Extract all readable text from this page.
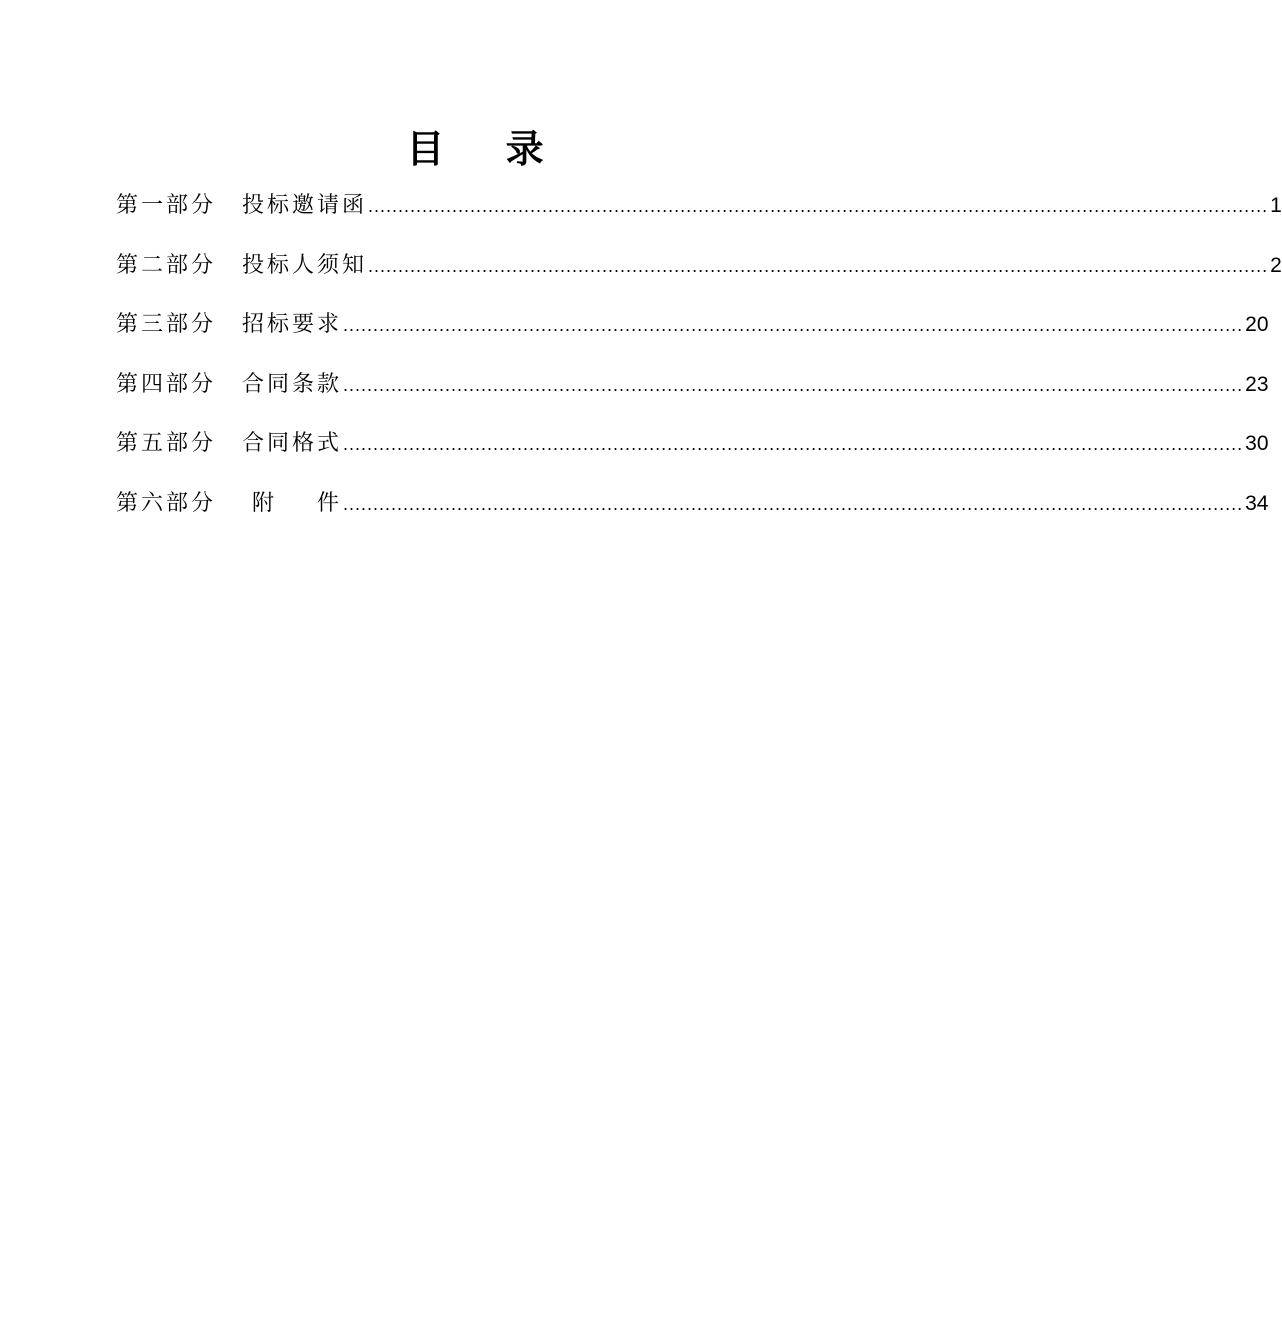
目 录
第一部分	投标邀请函 ...................................................................................................................................................... 1
第二部分	投标人须知 ...................................................................................................................................................... 2
第三部分	招标要求 ...................................................................................................................................................... 20
第四部分	合同条款 ...................................................................................................................................................... 23
第五部分	合同格式 ...................................................................................................................................................... 30
第六部分	附    件 ...................................................................................................................................................... 34
